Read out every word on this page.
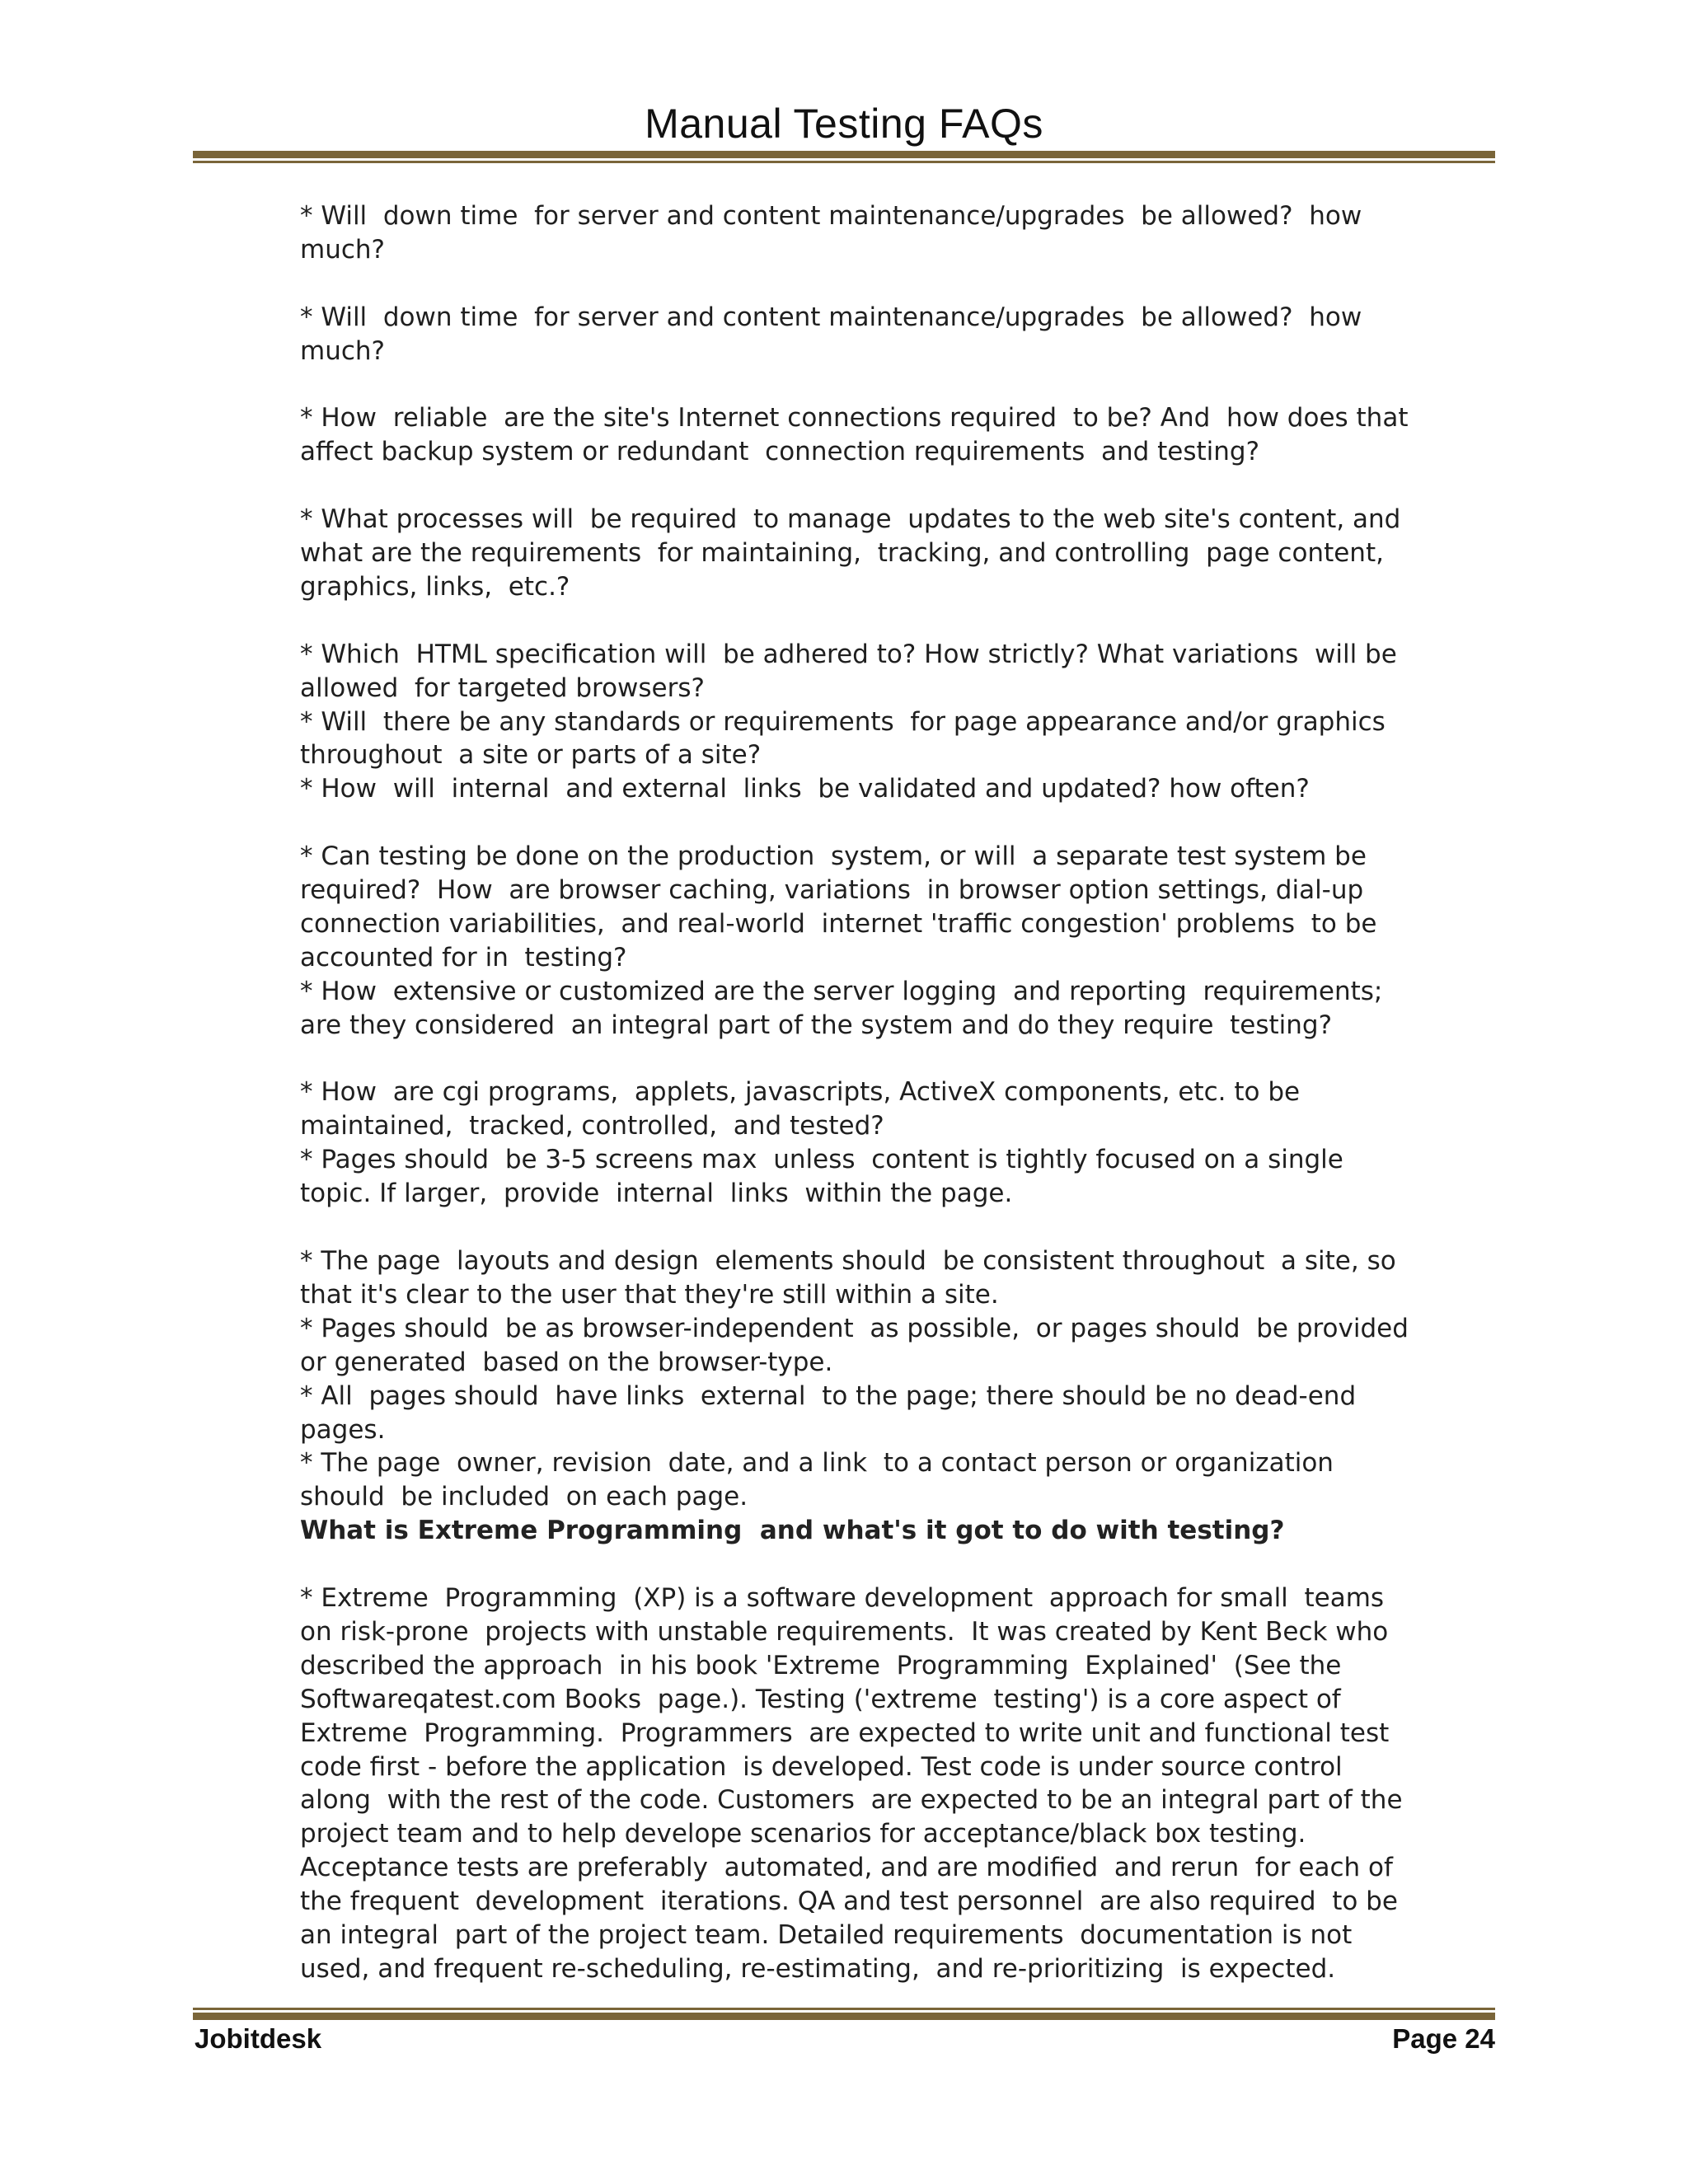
Manual Testing FAQs

* Will  down time  for server and content maintenance/upgrades  be allowed?  how

much?

* Will  down time  for server and content maintenance/upgrades  be allowed?  how

much?

* How  reliable  are the site's Internet connections required  to be? And  how does that

affect backup system or redundant  connection requirements  and testing?

* What processes will  be required  to manage  updates to the web site's content, and

what are the requirements  for maintaining,  tracking, and controlling  page content,

graphics, links,  etc.?

* Which  HTML specification will  be adhered to? How strictly? What variations  will be

allowed  for targeted browsers?

* Will  there be any standards or requirements  for page appearance and/or graphics

throughout  a site or parts of a site?

* How  will  internal  and external  links  be validated and updated? how often?

* Can testing be done on the production  system, or will  a separate test system be

required?  How  are browser caching, variations  in browser option settings, dial-up

connection variabilities,  and real-world  internet 'traffic congestion' problems  to be

accounted for in  testing?

* How  extensive or customized are the server logging  and reporting  requirements;

are they considered  an integral part of the system and do they require  testing?

* How  are cgi programs,  applets, javascripts, ActiveX components, etc. to be

maintained,  tracked, controlled,  and tested?

* Pages should  be 3-5 screens max  unless  content is tightly focused on a single

topic. If larger,  provide  internal  links  within the page.

* The page  layouts and design  elements should  be consistent throughout  a site, so

that it's clear to the user that they're still within a site.

* Pages should  be as browser-independent  as possible,  or pages should  be provided

or generated  based on the browser-type.

* All  pages should  have links  external  to the page; there should be no dead-end

pages.

* The page  owner, revision  date, and a link  to a contact person or organization

should  be included  on each page.

What is Extreme Programming  and what's it got to do with testing?

* Extreme  Programming  (XP) is a software development  approach for small  teams

on risk-prone  projects with unstable requirements.  It was created by Kent Beck who

described the approach  in his book 'Extreme  Programming  Explained'  (See the

Softwareqatest.com Books  page.). Testing ('extreme  testing') is a core aspect of

Extreme  Programming.  Programmers  are expected to write unit and functional test

code first - before the application  is developed. Test code is under source control

along  with the rest of the code. Customers  are expected to be an integral part of the

project team and to help develope scenarios for acceptance/black box testing.

Acceptance tests are preferably  automated, and are modified  and rerun  for each of

the frequent  development  iterations. QA and test personnel  are also required  to be

an integral  part of the project team. Detailed requirements  documentation is not

used, and frequent re-scheduling, re-estimating,  and re-prioritizing  is expected.

Jobitdesk	Page 24
